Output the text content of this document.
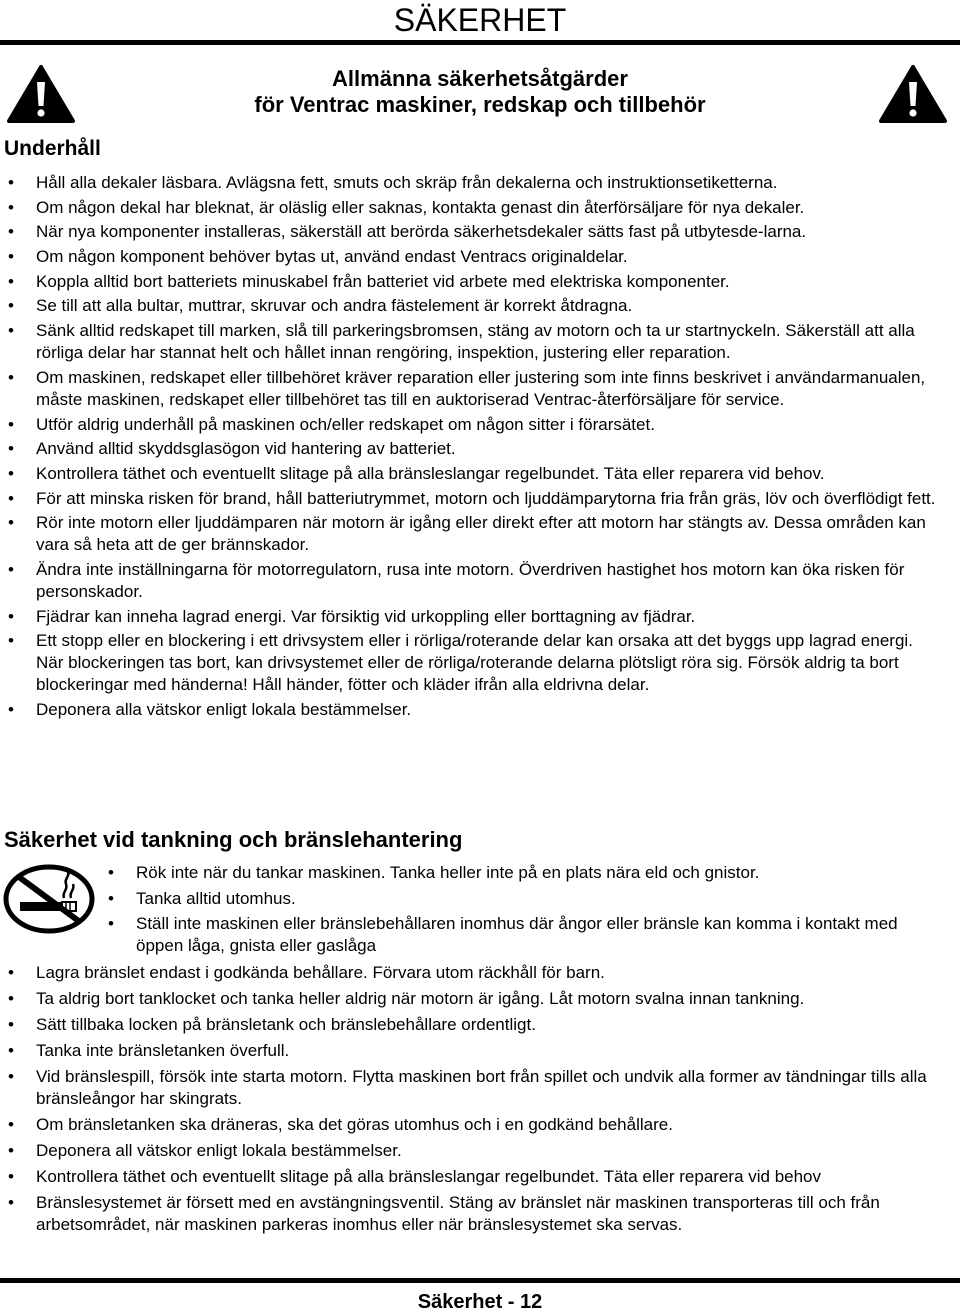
SÄKERHET
Allmänna säkerhetsåtgärder
för Ventrac maskiner, redskap och tillbehör
Underhåll
• Håll alla dekaler läsbara. Avlägsna fett, smuts och skräp från dekalerna och instruktionsetiketterna.
• Om någon dekal har bleknat, är oläslig eller saknas, kontakta genast din återförsäljare för nya dekaler.
• När nya komponenter installeras, säkerställ att berörda säkerhetsdekaler sätts fast på utbytesde-larna.
• Om någon komponent behöver bytas ut, använd endast Ventracs originaldelar.
• Koppla alltid bort batteriets minuskabel från batteriet vid arbete med elektriska komponenter.
• Se till att alla bultar, muttrar, skruvar och andra fästelement är korrekt åtdragna.
• Sänk alltid redskapet till marken, slå till parkeringsbromsen, stäng av motorn och ta ur startnyckeln. Säkerställ att alla rörliga delar har stannat helt och hållet innan rengöring, inspektion, justering eller reparation.
• Om maskinen, redskapet eller tillbehöret kräver reparation eller justering som inte finns beskrivet i användarmanualen, måste maskinen, redskapet eller tillbehöret tas till en auktoriserad Ventrac-återförsäljare för service.
• Utför aldrig underhåll på maskinen och/eller redskapet om någon sitter i förarsätet.
• Använd alltid skyddsglasögon vid hantering av batteriet.
• Kontrollera täthet och eventuellt slitage på alla bränsleslangar regelbundet. Täta eller reparera vid behov.
• För att minska risken för brand, håll batteriutrymmet, motorn och ljuddämparytorna fria från gräs, löv och överflödigt fett.
• Rör inte motorn eller ljuddämparen när motorn är igång eller direkt efter att motorn har stängts av. Dessa områden kan vara så heta att de ger brännskador.
• Ändra inte inställningarna för motorregulatorn, rusa inte motorn. Överdriven hastighet hos motorn kan öka risken för personskador.
• Fjädrar kan inneha lagrad energi. Var försiktig vid urkoppling eller borttagning av fjädrar.
• Ett stopp eller en blockering i ett drivsystem eller i rörliga/roterande delar kan orsaka att det byggs upp lagrad energi. När blockeringen tas bort, kan drivsystemet eller de rörliga/roterande delarna plötsligt röra sig. Försök aldrig ta bort blockeringar med händerna! Håll händer, fötter och kläder ifrån alla eldrivna delar.
• Deponera alla vätskor enligt lokala bestämmelser.
Säkerhet vid tankning och bränslehantering
• Rök inte när du tankar maskinen. Tanka heller inte på en plats nära eld och gnistor.
• Tanka alltid utomhus.
• Ställ inte maskinen eller bränslebehållaren inomhus där ångor eller bränsle kan komma i kontakt med öppen låga, gnista eller gaslåga
• Lagra bränslet endast i godkända behållare. Förvara utom räckhåll för barn.
• Ta aldrig bort tanklocket och tanka heller aldrig när motorn är igång. Låt motorn svalna innan tankning.
• Sätt tillbaka locken på bränsletank och bränslebehållare ordentligt.
• Tanka inte bränsletanken överfull.
• Vid bränslespill, försök inte starta motorn. Flytta maskinen bort från spillet och undvik alla former av tändningar tills alla bränsleångor har skingrats.
• Om bränsletanken ska dräneras, ska det göras utomhus och i en godkänd behållare.
• Deponera all vätskor enligt lokala bestämmelser.
• Kontrollera täthet och eventuellt slitage på alla bränsleslangar regelbundet. Täta eller reparera vid behov
• Bränslesystemet är försett med en avstängningsventil. Stäng av bränslet när maskinen transporteras till och från arbetsområdet, när maskinen parkeras inomhus eller när bränslesystemet ska servas.
Säkerhet - 12
